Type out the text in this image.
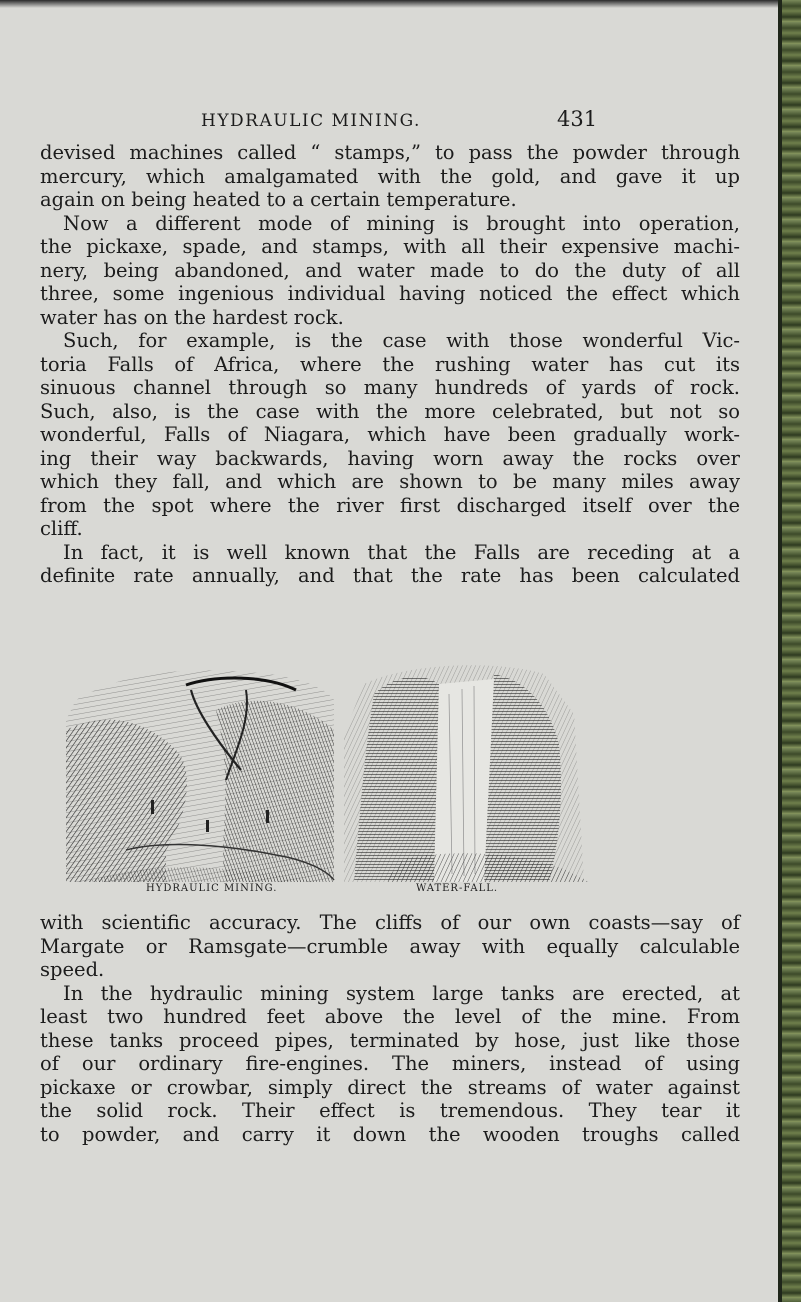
HYDRAULIC MINING.	431
devised machines called “ stamps,” to pass the powder through
mercury, which amalgamated with the gold, and gave it up
again on being heated to a certain temperature.
Now a different mode of mining is brought into operation,
the pickaxe, spade, and stamps, with all their expensive machi-
nery, being abandoned, and water made to do the duty of all
three, some ingenious individual having noticed the effect which
water has on the hardest rock.
Such, for example, is the case with those wonderful Vic-
toria Falls of Africa, where the rushing water has cut its
sinuous channel through so many hundreds of yards of rock.
Such, also, is the case with the more celebrated, but not so
wonderful, Falls of Niagara, which have been gradually work-
ing their way backwards, having worn away the rocks over
which they fall, and which are shown to be many miles away
from the spot where the river first discharged itself over the
cliff.
In fact, it is well known that the Falls are receding at a
definite rate annually, and that the rate has been calculated
HYDRAULIC MINING.	WATER-FALL.
with scientific accuracy. The cliffs of our own coasts—say of
Margate or Ramsgate—crumble away with equally calculable
speed.
In the hydraulic mining system large tanks are erected, at
least two hundred feet above the level of the mine. From
these tanks proceed pipes, terminated by hose, just like those
of our ordinary fire-engines. The miners, instead of using
pickaxe or crowbar, simply direct the streams of water against
the solid rock. Their effect is tremendous. They tear it
to powder, and carry it down the wooden troughs called
